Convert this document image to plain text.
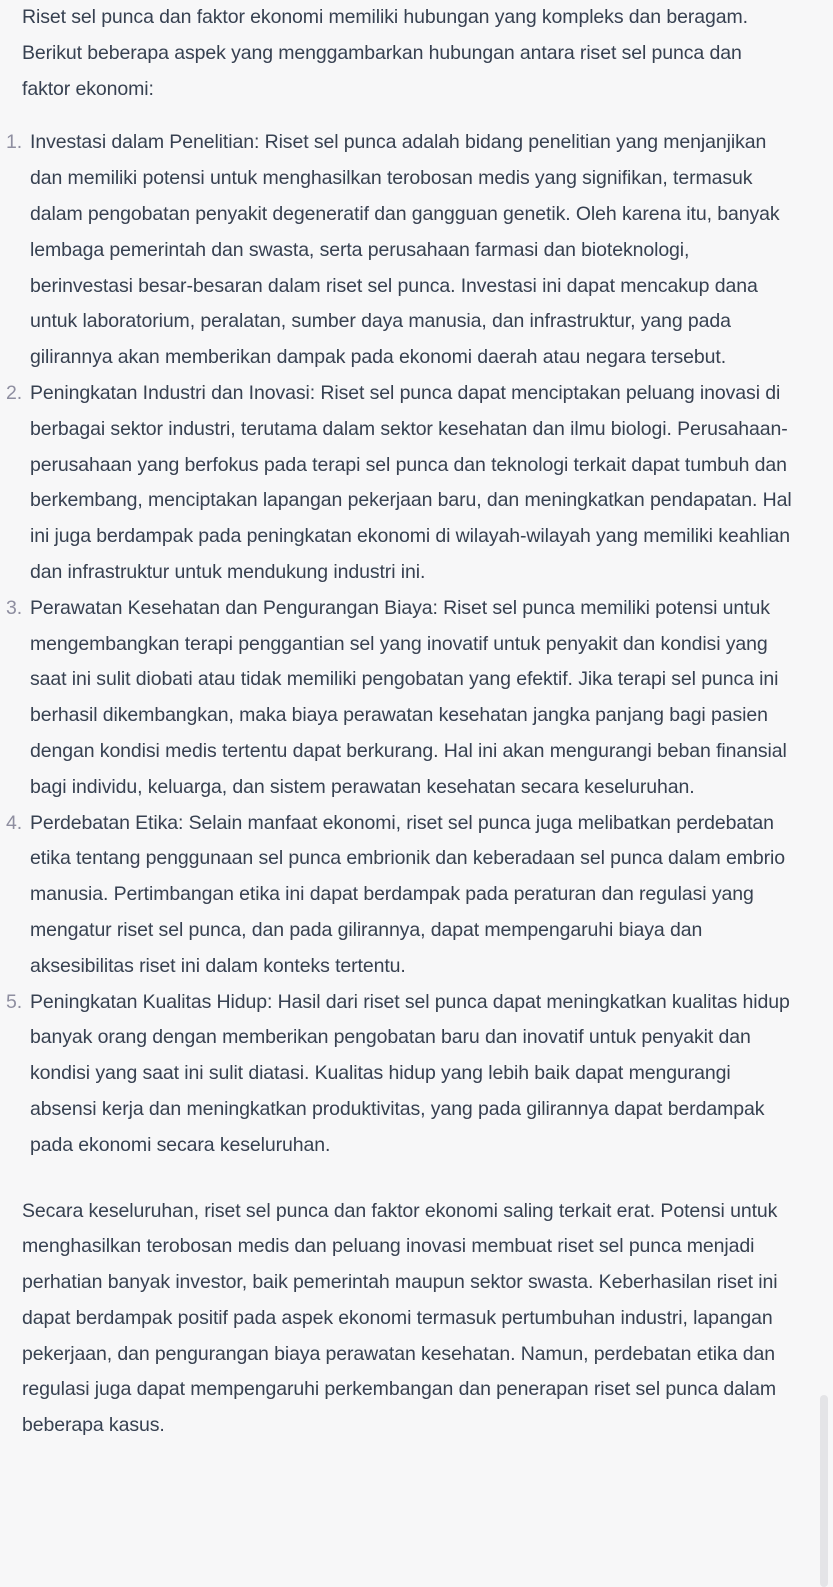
Riset sel punca dan faktor ekonomi memiliki hubungan yang kompleks dan beragam. Berikut beberapa aspek yang menggambarkan hubungan antara riset sel punca dan faktor ekonomi:

1. Investasi dalam Penelitian: Riset sel punca adalah bidang penelitian yang menjanjikan dan memiliki potensi untuk menghasilkan terobosan medis yang signifikan, termasuk dalam pengobatan penyakit degeneratif dan gangguan genetik. Oleh karena itu, banyak lembaga pemerintah dan swasta, serta perusahaan farmasi dan bioteknologi, berinvestasi besar-besaran dalam riset sel punca. Investasi ini dapat mencakup dana untuk laboratorium, peralatan, sumber daya manusia, dan infrastruktur, yang pada gilirannya akan memberikan dampak pada ekonomi daerah atau negara tersebut.
2. Peningkatan Industri dan Inovasi: Riset sel punca dapat menciptakan peluang inovasi di berbagai sektor industri, terutama dalam sektor kesehatan dan ilmu biologi. Perusahaan-perusahaan yang berfokus pada terapi sel punca dan teknologi terkait dapat tumbuh dan berkembang, menciptakan lapangan pekerjaan baru, dan meningkatkan pendapatan. Hal ini juga berdampak pada peningkatan ekonomi di wilayah-wilayah yang memiliki keahlian dan infrastruktur untuk mendukung industri ini.
3. Perawatan Kesehatan dan Pengurangan Biaya: Riset sel punca memiliki potensi untuk mengembangkan terapi penggantian sel yang inovatif untuk penyakit dan kondisi yang saat ini sulit diobati atau tidak memiliki pengobatan yang efektif. Jika terapi sel punca ini berhasil dikembangkan, maka biaya perawatan kesehatan jangka panjang bagi pasien dengan kondisi medis tertentu dapat berkurang. Hal ini akan mengurangi beban finansial bagi individu, keluarga, dan sistem perawatan kesehatan secara keseluruhan.
4. Perdebatan Etika: Selain manfaat ekonomi, riset sel punca juga melibatkan perdebatan etika tentang penggunaan sel punca embrionik dan keberadaan sel punca dalam embrio manusia. Pertimbangan etika ini dapat berdampak pada peraturan dan regulasi yang mengatur riset sel punca, dan pada gilirannya, dapat mempengaruhi biaya dan aksesibilitas riset ini dalam konteks tertentu.
5. Peningkatan Kualitas Hidup: Hasil dari riset sel punca dapat meningkatkan kualitas hidup banyak orang dengan memberikan pengobatan baru dan inovatif untuk penyakit dan kondisi yang saat ini sulit diatasi. Kualitas hidup yang lebih baik dapat mengurangi absensi kerja dan meningkatkan produktivitas, yang pada gilirannya dapat berdampak pada ekonomi secara keseluruhan.

Secara keseluruhan, riset sel punca dan faktor ekonomi saling terkait erat. Potensi untuk menghasilkan terobosan medis dan peluang inovasi membuat riset sel punca menjadi perhatian banyak investor, baik pemerintah maupun sektor swasta. Keberhasilan riset ini dapat berdampak positif pada aspek ekonomi termasuk pertumbuhan industri, lapangan pekerjaan, dan pengurangan biaya perawatan kesehatan. Namun, perdebatan etika dan regulasi juga dapat mempengaruhi perkembangan dan penerapan riset sel punca dalam beberapa kasus.
